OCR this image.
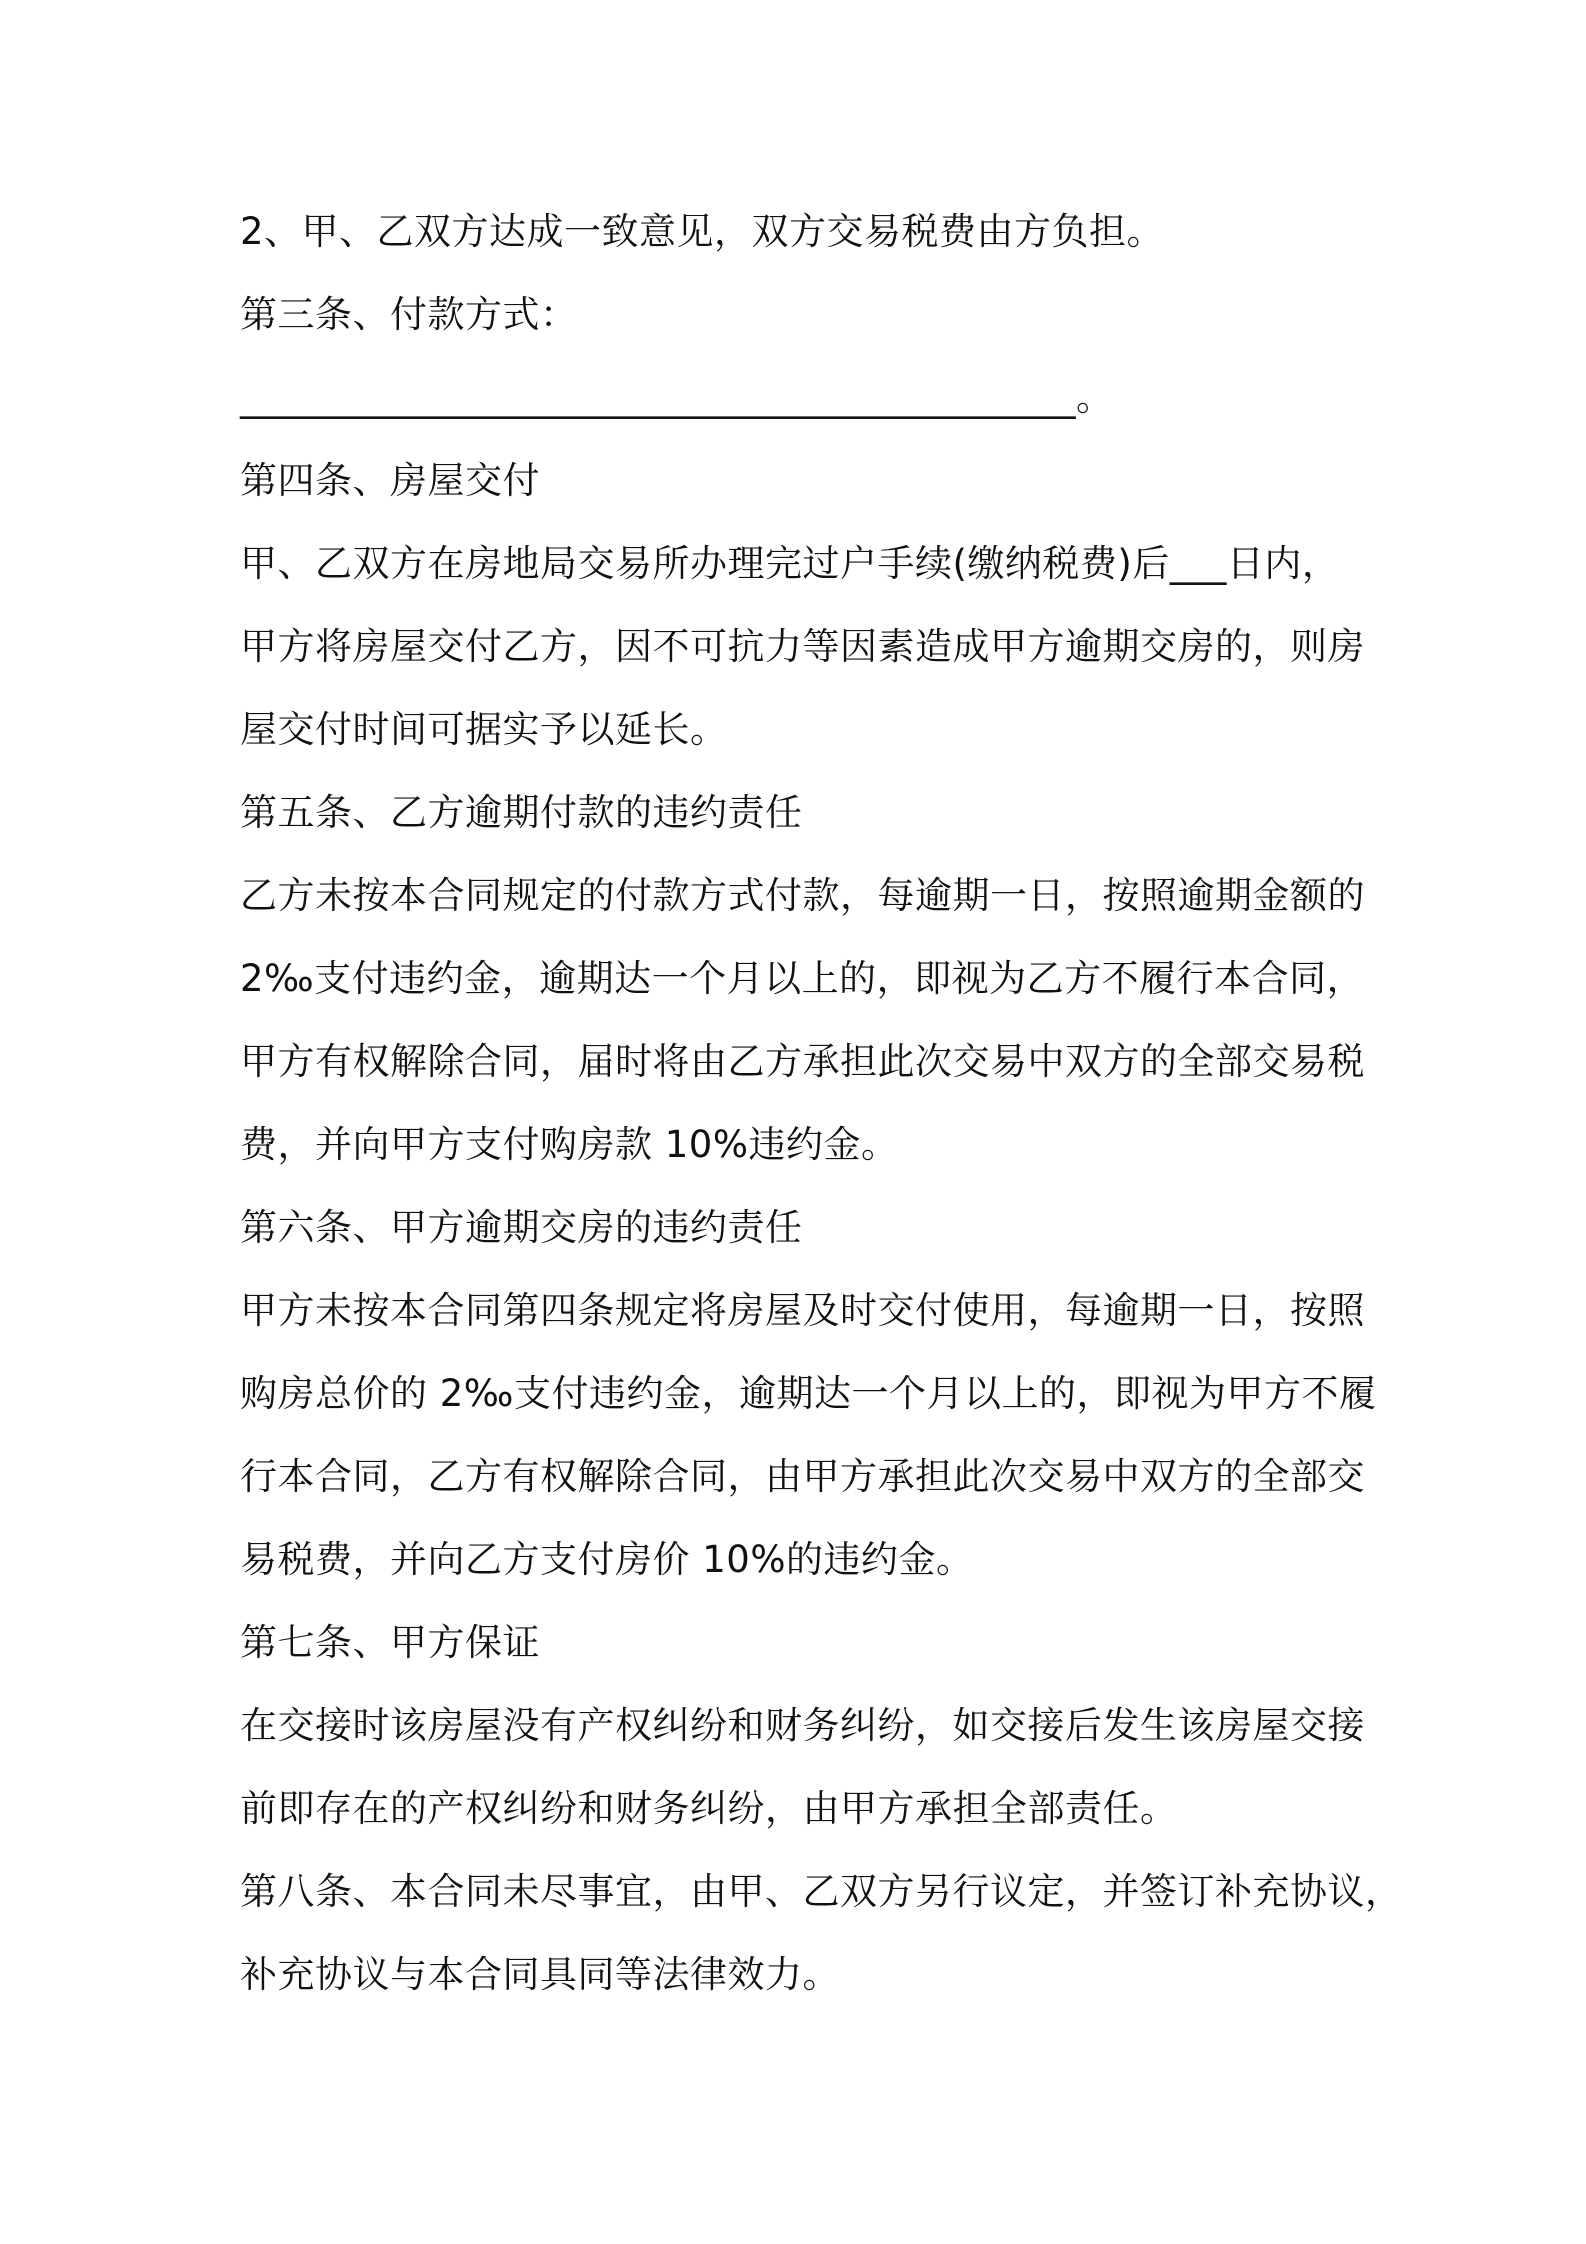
2、甲、乙双方达成一致意见，双方交易税费由方负担。

第三条、付款方式：

____________________________________________。

第四条、房屋交付

甲、乙双方在房地局交易所办理完过户手续(缴纳税费)后___日内，

甲方将房屋交付乙方，因不可抗力等因素造成甲方逾期交房的，则房

屋交付时间可据实予以延长。

第五条、乙方逾期付款的违约责任

乙方未按本合同规定的付款方式付款，每逾期一日，按照逾期金额的

2‰支付违约金，逾期达一个月以上的，即视为乙方不履行本合同，

甲方有权解除合同，届时将由乙方承担此次交易中双方的全部交易税

费，并向甲方支付购房款 10%违约金。

第六条、甲方逾期交房的违约责任

甲方未按本合同第四条规定将房屋及时交付使用，每逾期一日，按照

购房总价的 2‰支付违约金，逾期达一个月以上的，即视为甲方不履

行本合同，乙方有权解除合同，由甲方承担此次交易中双方的全部交

易税费，并向乙方支付房价 10%的违约金。

第七条、甲方保证

在交接时该房屋没有产权纠纷和财务纠纷，如交接后发生该房屋交接

前即存在的产权纠纷和财务纠纷，由甲方承担全部责任。

第八条、本合同未尽事宜，由甲、乙双方另行议定，并签订补充协议，

补充协议与本合同具同等法律效力。
